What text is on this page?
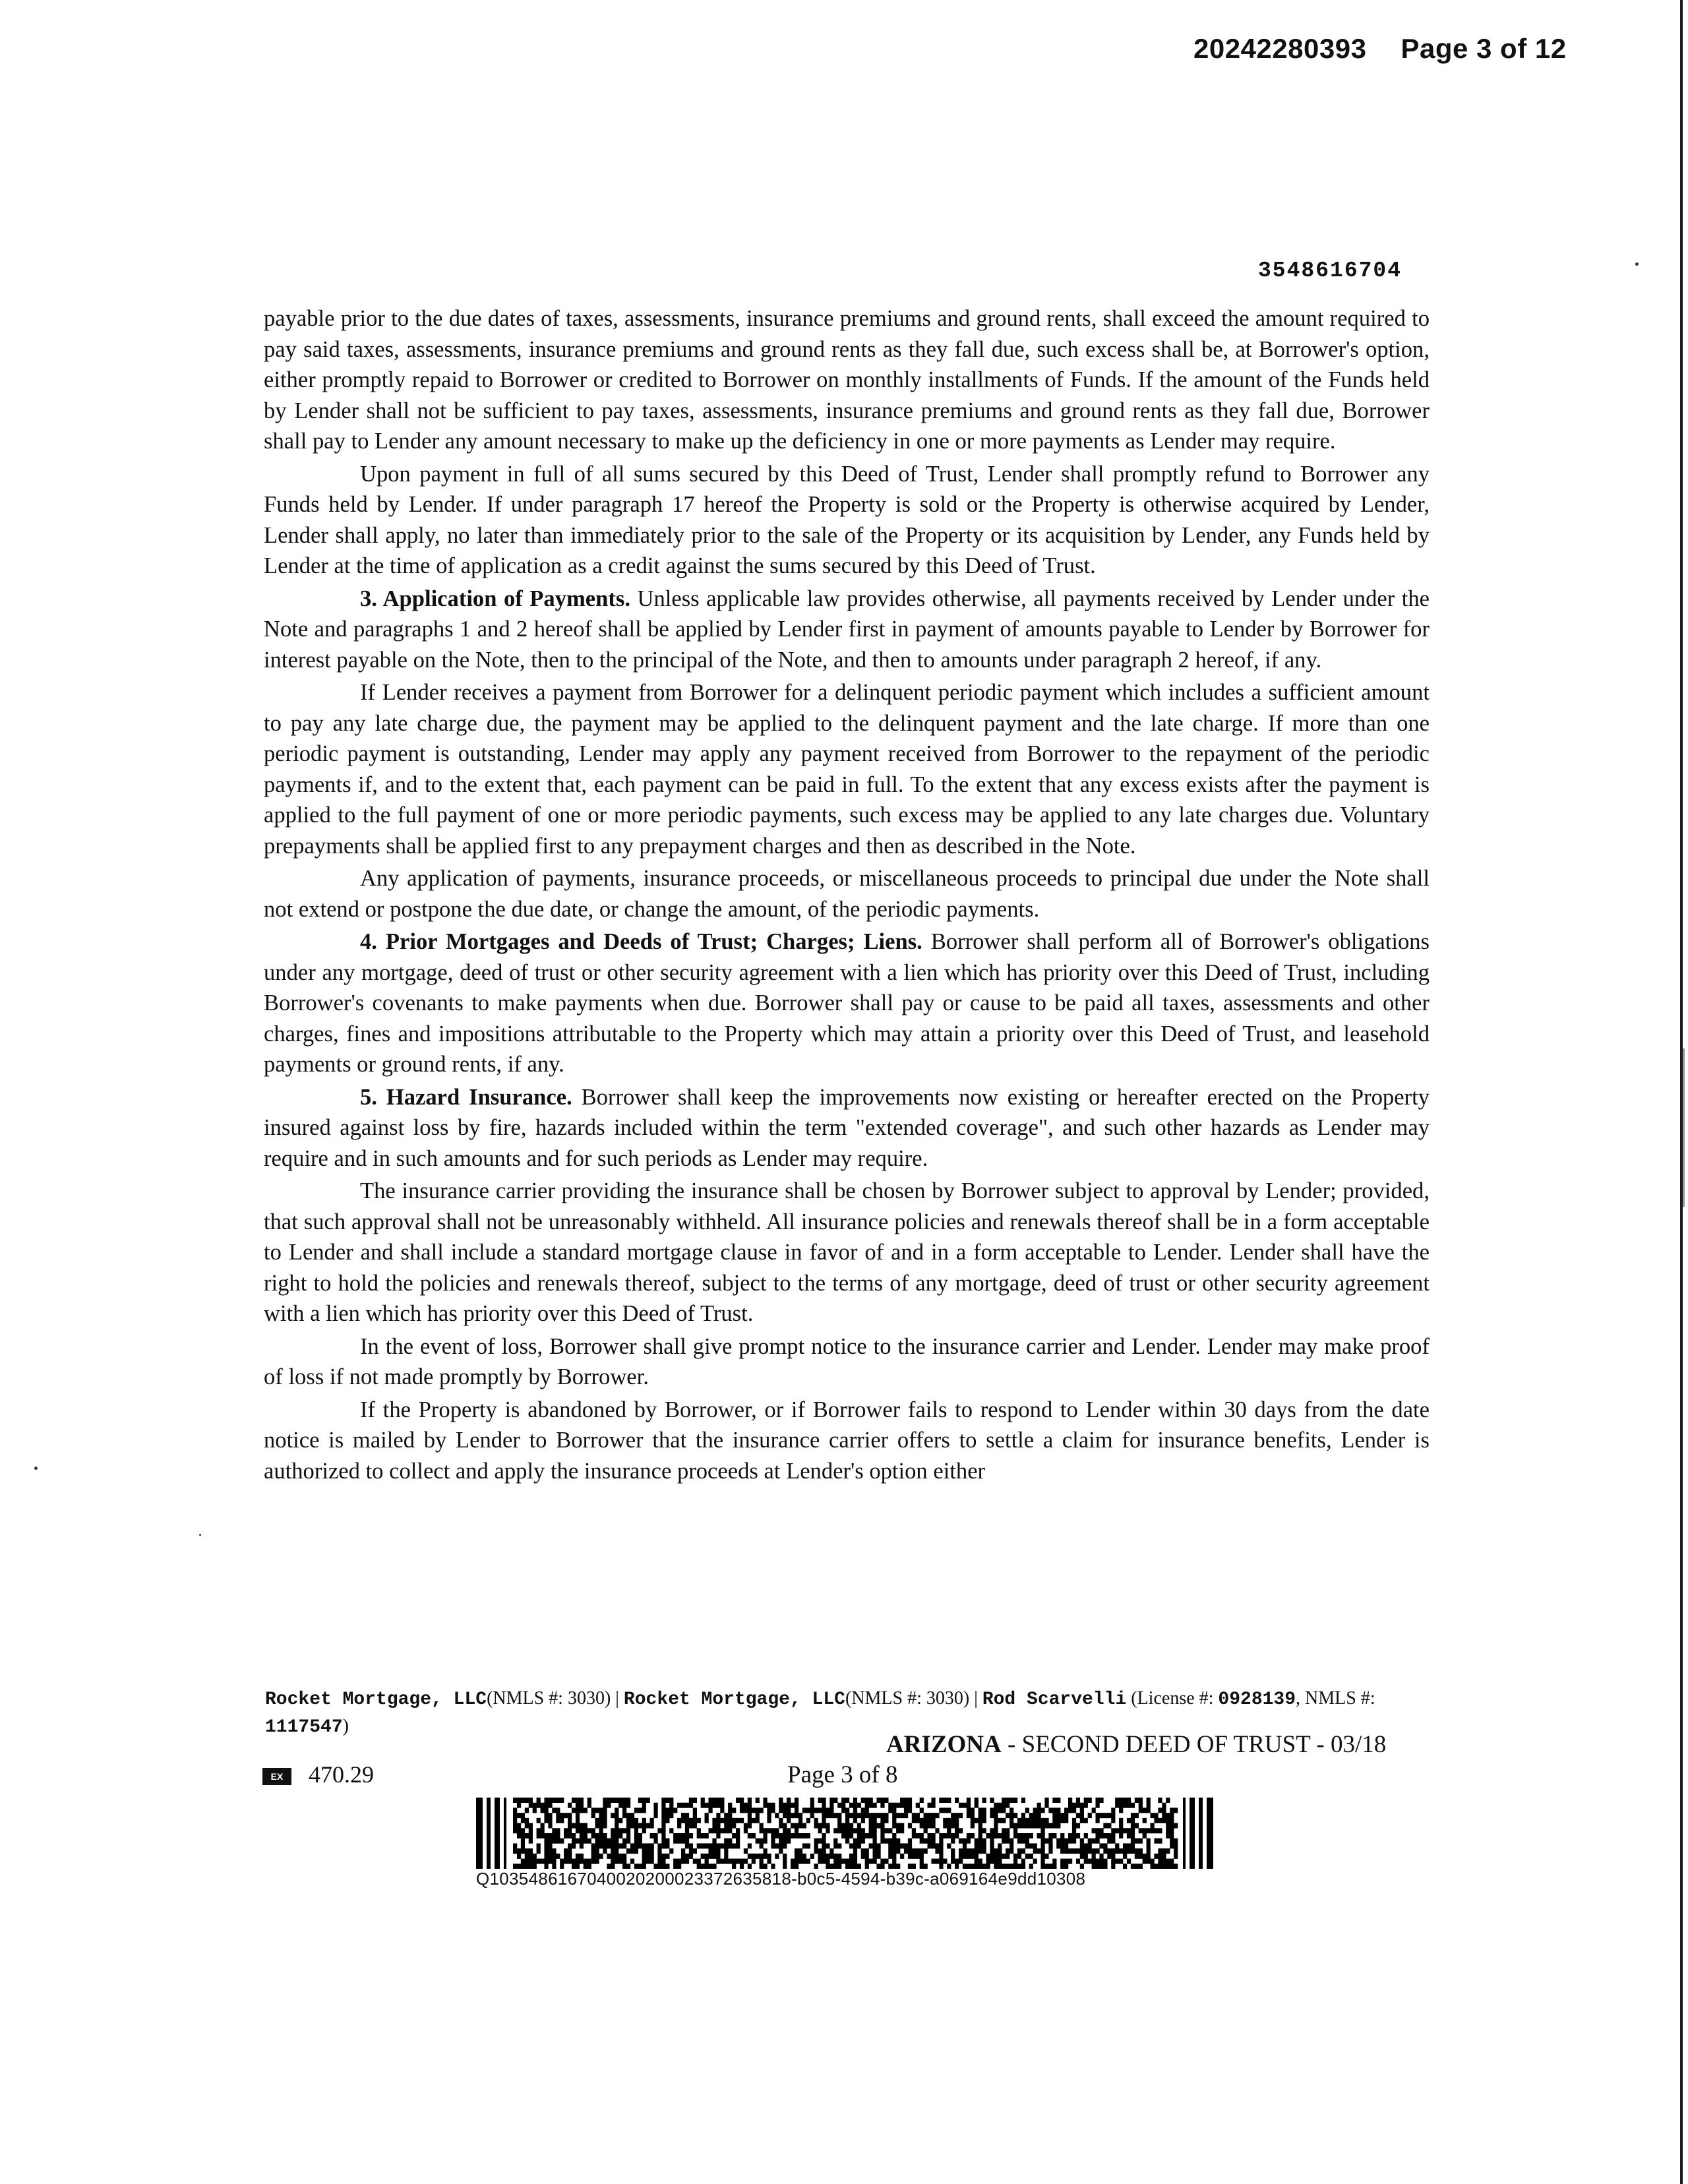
20242280393 Page 3 of 12
3548616704

payable prior to the due dates of taxes, assessments, insurance premiums and ground rents, shall exceed the amount required to pay said taxes, assessments, insurance premiums and ground rents as they fall due, such excess shall be, at Borrower's option, either promptly repaid to Borrower or credited to Borrower on monthly installments of Funds. If the amount of the Funds held by Lender shall not be sufficient to pay taxes, assessments, insurance premiums and ground rents as they fall due, Borrower shall pay to Lender any amount necessary to make up the deficiency in one or more payments as Lender may require.

Upon payment in full of all sums secured by this Deed of Trust, Lender shall promptly refund to Borrower any Funds held by Lender. If under paragraph 17 hereof the Property is sold or the Property is otherwise acquired by Lender, Lender shall apply, no later than immediately prior to the sale of the Property or its acquisition by Lender, any Funds held by Lender at the time of application as a credit against the sums secured by this Deed of Trust.

3. Application of Payments. Unless applicable law provides otherwise, all payments received by Lender under the Note and paragraphs 1 and 2 hereof shall be applied by Lender first in payment of amounts payable to Lender by Borrower for interest payable on the Note, then to the principal of the Note, and then to amounts under paragraph 2 hereof, if any.

If Lender receives a payment from Borrower for a delinquent periodic payment which includes a sufficient amount to pay any late charge due, the payment may be applied to the delinquent payment and the late charge. If more than one periodic payment is outstanding, Lender may apply any payment received from Borrower to the repayment of the periodic payments if, and to the extent that, each payment can be paid in full. To the extent that any excess exists after the payment is applied to the full payment of one or more periodic payments, such excess may be applied to any late charges due. Voluntary prepayments shall be applied first to any prepayment charges and then as described in the Note.

Any application of payments, insurance proceeds, or miscellaneous proceeds to principal due under the Note shall not extend or postpone the due date, or change the amount, of the periodic payments.

4. Prior Mortgages and Deeds of Trust; Charges; Liens. Borrower shall perform all of Borrower's obligations under any mortgage, deed of trust or other security agreement with a lien which has priority over this Deed of Trust, including Borrower's covenants to make payments when due. Borrower shall pay or cause to be paid all taxes, assessments and other charges, fines and impositions attributable to the Property which may attain a priority over this Deed of Trust, and leasehold payments or ground rents, if any.

5. Hazard Insurance. Borrower shall keep the improvements now existing or hereafter erected on the Property insured against loss by fire, hazards included within the term "extended coverage", and such other hazards as Lender may require and in such amounts and for such periods as Lender may require.

The insurance carrier providing the insurance shall be chosen by Borrower subject to approval by Lender; provided, that such approval shall not be unreasonably withheld. All insurance policies and renewals thereof shall be in a form acceptable to Lender and shall include a standard mortgage clause in favor of and in a form acceptable to Lender. Lender shall have the right to hold the policies and renewals thereof, subject to the terms of any mortgage, deed of trust or other security agreement with a lien which has priority over this Deed of Trust.

In the event of loss, Borrower shall give prompt notice to the insurance carrier and Lender. Lender may make proof of loss if not made promptly by Borrower.

If the Property is abandoned by Borrower, or if Borrower fails to respond to Lender within 30 days from the date notice is mailed by Lender to Borrower that the insurance carrier offers to settle a claim for insurance benefits, Lender is authorized to collect and apply the insurance proceeds at Lender's option either

Rocket Mortgage, LLC(NMLS #: 3030) | Rocket Mortgage, LLC(NMLS #: 3030) | Rod Scarvelli (License #: 0928139, NMLS #: 1117547)
ARIZONA - SECOND DEED OF TRUST - 03/18
EX 470.29	Page 3 of 8
Q1035486167040020200023372635818-b0c5-4594-b39c-a069164e9dd10308
